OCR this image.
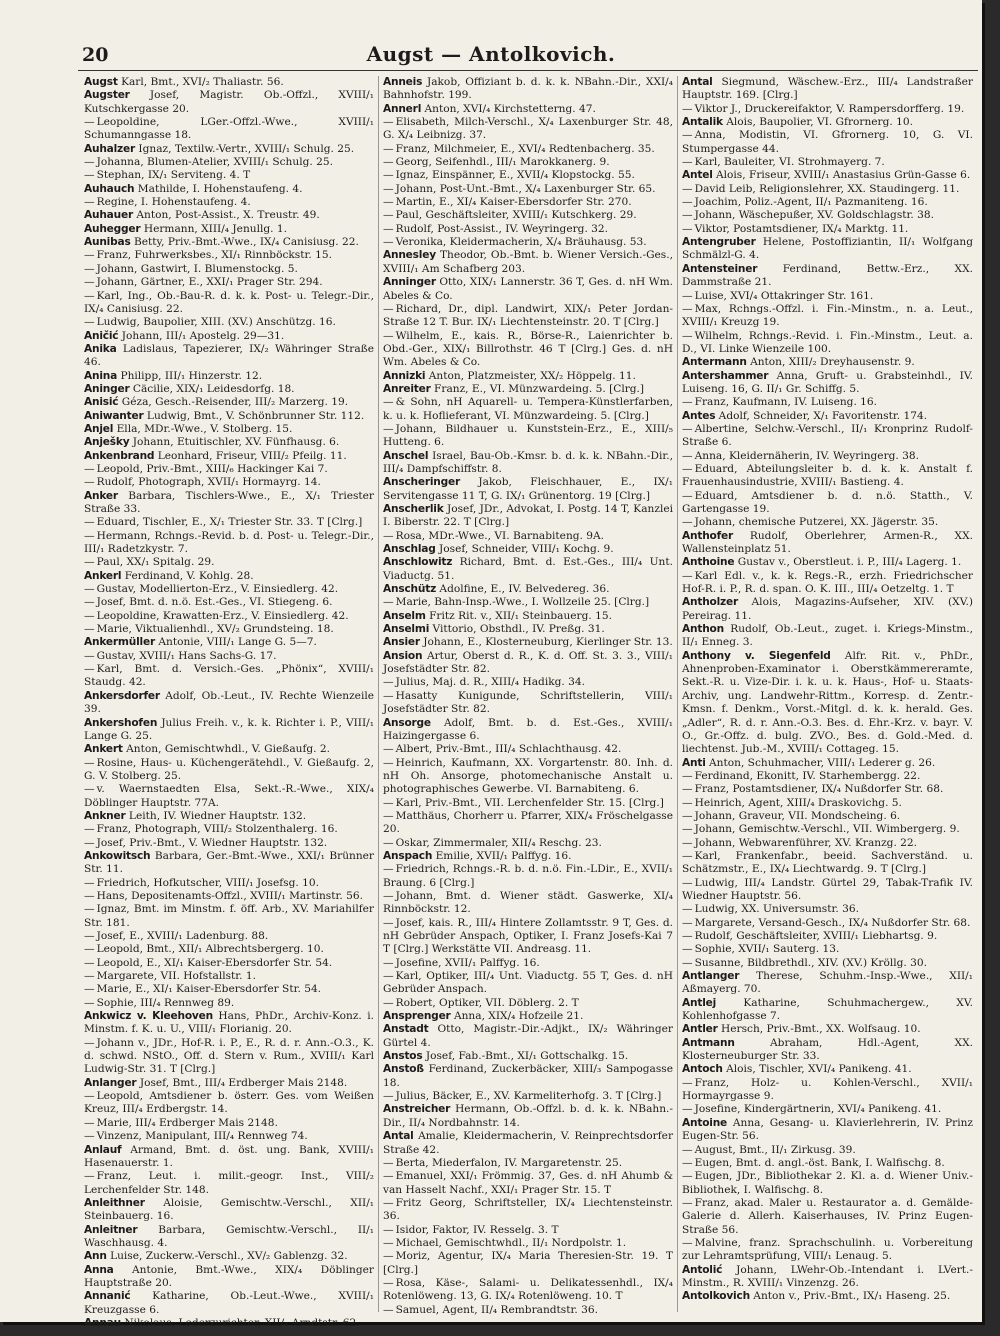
20	Augst — Antolkovich.

Augst Karl, Bmt., XVI/₂ Thaliastr. 56.

Augster Josef, Magistr. Ob.-Offzl., XVIII/₁ Kutschkergasse 20.

— Leopoldine, LGer.-Offzl.-Wwe., XVIII/₁ Schumanngasse 18.

Auhalzer Ignaz, Textilw.-Vertr., XVIII/₁ Schulg. 25.

— Johanna, Blumen-Atelier, XVIII/₁ Schulg. 25.

— Stephan, IX/₁ Serviteng. 4. T

Auhauch Mathilde, I. Hohenstaufeng. 4.

— Regine, I. Hohenstaufeng. 4.

Auhauer Anton, Post-Assist., X. Treustr. 49.

Auhegger Hermann, XIII/₄ Jenullg. 1.

Aunibas Betty, Priv.-Bmt.-Wwe., IX/₄ Canisiusg. 22.

— Franz, Fuhrwerksbes., XI/₁ Rinnböckstr. 15.

— Johann, Gastwirt, I. Blumenstockg. 5.

— Johann, Gärtner, E., XXI/₁ Prager Str. 294.

— Karl, Ing., Ob.-Bau-R. d. k. k. Post- u. Telegr.-Dir., IX/₄ Canisiusg. 22.

— Ludwig, Baupolier, XIII. (XV.) Anschützg. 16.

Aničić Johann, III/₁ Apostelg. 29—31.

Anika Ladislaus, Tapezierer, IX/₂ Währinger Straße 46.

Anina Philipp, III/₁ Hinzerstr. 12.

Aninger Cäcilie, XIX/₁ Leidesdorfg. 18.

Anisić Géza, Gesch.-Reisender, III/₂ Marzerg. 19.

Aniwanter Ludwig, Bmt., V. Schönbrunner Str. 112.

Anjel Ella, MDr.-Wwe., V. Stolberg. 15.

Anješky Johann, Etuitischler, XV. Fünfhausg. 6.

Ankenbrand Leonhard, Friseur, VIII/₂ Pfeilg. 11.

— Leopold, Priv.-Bmt., XIII/₆ Hackinger Kai 7.

— Rudolf, Photograph, XVII/₁ Hormayrg. 14.

Anker Barbara, Tischlers-Wwe., E., X/₁ Triester Straße 33.

— Eduard, Tischler, E., X/₁ Triester Str. 33. T [Clrg.]

— Hermann, Rchngs.-Revid. b. d. Post- u. Telegr.-Dir., III/₁ Radetzkystr. 7.

— Paul, XX/₁ Spitalg. 29.

Ankerl Ferdinand, V. Kohlg. 28.

— Gustav, Modellierton-Erz., V. Einsiedlerg. 42.

— Josef, Bmt. d. n.ö. Est.-Ges., VI. Stiegeng. 6.

— Leopoldine, Krawatten-Erz., V. Einsiedlerg. 42.

— Marie, Viktualienhdl., XV/₂ Grundsteing. 18.

Ankermüller Antonie, VIII/₁ Lange G. 5—7.

— Gustav, XVIII/₁ Hans Sachs-G. 17.

— Karl, Bmt. d. Versich.-Ges. „Phönix“, XVIII/₁ Staudg. 42.

Ankersdorfer Adolf, Ob.-Leut., IV. Rechte Wienzeile 39.

Ankershofen Julius Freih. v., k. k. Richter i. P., VIII/₁ Lange G. 25.

Ankert Anton, Gemischtwhdl., V. Gießaufg. 2.

— Rosine, Haus- u. Küchengerätehdl., V. Gießaufg. 2, G. V. Stolberg. 25.

— v. Waernstaedten Elsa, Sekt.-R.-Wwe., XIX/₄ Döblinger Hauptstr. 77A.

Ankner Leith, IV. Wiedner Hauptstr. 132.

— Franz, Photograph, VIII/₂ Stolzenthalerg. 16.

— Josef, Priv.-Bmt., V. Wiedner Hauptstr. 132.

Ankowitsch Barbara, Ger.-Bmt.-Wwe., XXI/₁ Brünner Str. 11.

— Friedrich, Hofkutscher, VIII/₁ Josefsg. 10.

— Hans, Depositenamts-Offzl., XVIII/₁ Martinstr. 56.

— Ignaz, Bmt. im Minstm. f. öff. Arb., XV. Mariahilfer Str. 181.

— Josef, E., XVIII/₁ Ladenburg. 88.

— Leopold, Bmt., XII/₁ Albrechtsbergerg. 10.

— Leopold, E., XI/₁ Kaiser-Ebersdorfer Str. 54.

— Margarete, VII. Hofstallstr. 1.

— Marie, E., XI/₁ Kaiser-Ebersdorfer Str. 54.

— Sophie, III/₄ Rennweg 89.

Ankwicz v. Kleehoven Hans, PhDr., Archiv-Konz. i. Minstm. f. K. u. U., VIII/₁ Florianig. 20.

— Johann v., JDr., Hof-R. i. P., E., R. d. r. Ann.-O.3., K. d. schwd. NStO., Off. d. Stern v. Rum., XVIII/₁ Karl Ludwig-Str. 31. T [Clrg.]

Anlanger Josef, Bmt., III/₄ Erdberger Mais 2148.

— Leopold, Amtsdiener b. österr. Ges. vom Weißen Kreuz, III/₄ Erdbergstr. 14.

— Marie, III/₄ Erdberger Mais 2148.

— Vinzenz, Manipulant, III/₄ Rennweg 74.

Anlauf Armand, Bmt. d. öst. ung. Bank, XVIII/₁ Hasenauerstr. 1.

— Franz, Leut. i. milit.-geogr. Inst., VIII/₂ Lerchenfelder Str. 148.

Anleithner Aloisie, Gemischtw.-Verschl., XII/₁ Steinbauerg. 16.

Anleitner Barbara, Gemischtw.-Verschl., II/₁ Waschhausg. 4.

Ann Luise, Zuckerw.-Verschl., XV/₂ Gablenzg. 32.

Anna Antonie, Bmt.-Wwe., XIX/₄ Döblinger Hauptstraße 20.

Annanić Katharine, Ob.-Leut.-Wwe., XVIII/₁ Kreuzgasse 6.

Annau Nikolaus, Lederzurichter, XII/₄ Arndtstr. 62.

Anneis Jakob, Offiziant b. d. k. k. NBahn.-Dir., XXI/₄ Bahnhofstr. 199.

Annerl Anton, XVI/₄ Kirchstetterng. 47.

— Elisabeth, Milch-Verschl., X/₄ Laxenburger Str. 48, G. X/₄ Leibnizg. 37.

— Franz, Milchmeier, E., XVI/₄ Redtenbacherg. 35.

— Georg, Seifenhdl., III/₁ Marokkanerg. 9.

— Ignaz, Einspänner, E., XVII/₄ Klopstockg. 55.

— Johann, Post-Unt.-Bmt., X/₄ Laxenburger Str. 65.

— Martin, E., XI/₄ Kaiser-Ebersdorfer Str. 270.

— Paul, Geschäftsleiter, XVIII/₁ Kutschkerg. 29.

— Rudolf, Post-Assist., IV. Weyringerg. 32.

— Veronika, Kleidermacherin, X/₄ Bräuhausg. 53.

Annesley Theodor, Ob.-Bmt. b. Wiener Versich.-Ges., XVIII/₁ Am Schafberg 203.

Anninger Otto, XIX/₁ Lannerstr. 36 T, Ges. d. nH Wm. Abeles & Co.

— Richard, Dr., dipl. Landwirt, XIX/₁ Peter Jordan-Straße 12 T. Bur. IX/₁ Liechtensteinstr. 20. T [Clrg.]

— Wilhelm, E., kais. R., Börse-R., Laienrichter b. Obd.-Ger., XIX/₁ Billrothstr. 46 T [Clrg.] Ges. d. nH Wm. Abeles & Co.

Annizki Anton, Platzmeister, XX/₂ Höppelg. 11.

Anreiter Franz, E., VI. Münzwardeing. 5. [Clrg.]

— & Sohn, nH Aquarell- u. Tempera-Künstlerfarben, k. u. k. Hoflieferant, VI. Münzwardeing. 5. [Clrg.]

— Johann, Bildhauer u. Kunststein-Erz., E., XIII/₅ Hutteng. 6.

Anschel Israel, Bau-Ob.-Kmsr. b. d. k. k. NBahn.-Dir., III/₄ Dampfschiffstr. 8.

Anscheringer Jakob, Fleischhauer, E., IX/₁ Servitengasse 11 T, G. IX/₁ Grünentorg. 19 [Clrg.]

Anscherlik Josef, JDr., Advokat, I. Postg. 14 T, Kanzlei I. Biberstr. 22. T [Clrg.]

— Rosa, MDr.-Wwe., VI. Barnabiteng. 9A.

Anschlag Josef, Schneider, VIII/₁ Kochg. 9.

Anschlowitz Richard, Bmt. d. Est.-Ges., III/₄ Unt. Viaductg. 51.

Anschütz Adolfine, E., IV. Belvedereg. 36.

— Marie, Bahn-Insp.-Wwe., I. Wollzeile 25. [Clrg.]

Anselm Fritz Rit. v., XII/₁ Steinbauerg. 15.

Anselmi Vittorio, Obsthdl., IV. Preßg. 31.

Ansier Johann, E., Klosterneuburg, Kierlinger Str. 13.

Ansion Artur, Oberst d. R., K. d. Off. St. 3. 3., VIII/₁ Josefstädter Str. 82.

— Julius, Maj. d. R., XIII/₄ Hadikg. 34.

— Hasatty Kunigunde, Schriftstellerin, VIII/₁ Josefstädter Str. 82.

Ansorge Adolf, Bmt. b. d. Est.-Ges., XVIII/₁ Haizingergasse 6.

— Albert, Priv.-Bmt., III/₄ Schlachthausg. 42.

— Heinrich, Kaufmann, XX. Vorgartenstr. 80. Inh. d. nH Oh. Ansorge, photomechanische Anstalt u. photographisches Gewerbe. VI. Barnabiteng. 6.

— Karl, Priv.-Bmt., VII. Lerchenfelder Str. 15. [Clrg.]

— Matthäus, Chorherr u. Pfarrer, XIX/₄ Fröschelgasse 20.

— Oskar, Zimmermaler, XII/₄ Reschg. 23.

Anspach Emilie, XVII/₁ Palffyg. 16.

— Friedrich, Rchngs.-R. b. d. n.ö. Fin.-LDir., E., XVII/₁ Braung. 6 [Clrg.]

— Johann, Bmt. d. Wiener städt. Gaswerke, XI/₄ Rinnböckstr. 12.

— Josef, kais. R., III/₄ Hintere Zollamtsstr. 9 T, Ges. d. nH Gebrüder Anspach, Optiker, I. Franz Josefs-Kai 7 T [Clrg.] Werkstätte VII. Andreasg. 11.

— Josefine, XVII/₁ Palffyg. 16.

— Karl, Optiker, III/₄ Unt. Viaductg. 55 T, Ges. d. nH Gebrüder Anspach.

— Robert, Optiker, VII. Döblerg. 2. T

Ansprenger Anna, XIX/₄ Hofzeile 21.

Anstadt Otto, Magistr.-Dir.-Adjkt., IX/₂ Währinger Gürtel 4.

Anstos Josef, Fab.-Bmt., XI/₁ Gottschalkg. 15.

Anstoß Ferdinand, Zuckerbäcker, XIII/₃ Sampogasse 18.

— Julius, Bäcker, E., XV. Karmeliterhofg. 3. T [Clrg.]

Anstreicher Hermann, Ob.-Offzl. b. d. k. k. NBahn.-Dir., II/₄ Nordbahnstr. 14.

Antal Amalie, Kleidermacherin, V. Reinprechtsdorfer Straße 42.

— Berta, Miederfalon, IV. Margaretenstr. 25.

— Emanuel, XXI/₁ Frömmig. 37, Ges. d. nH Ahumb & van Hasselt Nachf., XXI/₁ Prager Str. 15. T

— Fritz Georg, Schriftsteller, IX/₄ Liechtensteinstr. 36.

— Isidor, Faktor, IV. Resselg. 3. T

— Michael, Gemischtwhdl., II/₁ Nordpolstr. 1.

— Moriz, Agentur, IX/₄ Maria Theresien-Str. 19. T [Clrg.]

— Rosa, Käse-, Salami- u. Delikatessenhdl., IX/₄ Rotenlöweng. 13, G. IX/₄ Rotenlöweng. 10. T

— Samuel, Agent, II/₄ Rembrandtstr. 36.

Antal Siegmund, Wäschew.-Erz., III/₄ Landstraßer Hauptstr. 169. [Clrg.]

— Viktor J., Druckereifaktor, V. Rampersdorfferg. 19.

Antalik Alois, Baupolier, VI. Gfrornerg. 10.

— Anna, Modistin, VI. Gfrornerg. 10, G. VI. Stumpergasse 44.

— Karl, Bauleiter, VI. Strohmayerg. 7.

Antel Alois, Friseur, XVIII/₁ Anastasius Grün-Gasse 6.

— David Leib, Religionslehrer, XX. Staudingerg. 11.

— Joachim, Poliz.-Agent, II/₁ Pazmaniteng. 16.

— Johann, Wäschepußer, XV. Goldschlagstr. 38.

— Viktor, Postamtsdiener, IX/₄ Marktg. 11.

Antengruber Helene, Postoffiziantin, II/₁ Wolfgang Schmälzl-G. 4.

Antensteiner Ferdinand, Bettw.-Erz., XX. Dammstraße 21.

— Luise, XVI/₄ Ottakringer Str. 161.

— Max, Rchngs.-Offzl. i. Fin.-Minstm., n. a. Leut., XVIII/₁ Kreuzg 19.

— Wilhelm, Rchngs.-Revid. i. Fin.-Minstm., Leut. a. D., VI. Linke Wienzeile 100.

Antermann Anton, XIII/₂ Dreyhausenstr. 9.

Antershammer Anna, Gruft- u. Grabsteinhdl., IV. Luiseng. 16, G. II/₁ Gr. Schiffg. 5.

— Franz, Kaufmann, IV. Luiseng. 16.

Antes Adolf, Schneider, X/₁ Favoritenstr. 174.

— Albertine, Selchw.-Verschl., II/₁ Kronprinz Rudolf-Straße 6.

— Anna, Kleidernäherin, IV. Weyringerg. 38.

— Eduard, Abteilungsleiter b. d. k. k. Anstalt f. Frauenhausindustrie, XVIII/₁ Bastieng. 4.

— Eduard, Amtsdiener b. d. n.ö. Statth., V. Gartengasse 19.

— Johann, chemische Putzerei, XX. Jägerstr. 35.

Anthofer Rudolf, Oberlehrer, Armen-R., XX. Wallensteinplatz 51.

Anthoine Gustav v., Oberstleut. i. P., III/₄ Lagerg. 1.

— Karl Edl. v., k. k. Regs.-R., erzh. Friedrichscher Hof-R. i. P., R. d. span. O. K. III., III/₄ Oetzeltg. 1. T

Antholzer Alois, Magazins-Aufseher, XIV. (XV.) Pereirag. 11.

Anthon Rudolf, Ob.-Leut., zuget. i. Kriegs-Minstm., II/₁ Enneg. 3.

Anthony v. Siegenfeld Alfr. Rit. v., PhDr., Ahnenproben-Examinator i. Oberstkämmereramte, Sekt.-R. u. Vize-Dir. i. k. u. k. Haus-, Hof- u. Staats-Archiv, ung. Landwehr-Rittm., Korresp. d. Zentr.-Kmsn. f. Denkm., Vorst.-Mitgl. d. k. k. herald. Ges. „Adler“, R. d. r. Ann.-O.3. Bes. d. Ehr.-Krz. v. bayr. V. O., Gr.-Offz. d. bulg. ZVO., Bes. d. Gold.-Med. d. liechtenst. Jub.-M., XVIII/₁ Cottageg. 15.

Anti Anton, Schuhmacher, VIII/₁ Lederer g. 26.

— Ferdinand, Ekonitt, IV. Starhembergg. 22.

— Franz, Postamtsdiener, IX/₄ Nußdorfer Str. 68.

— Heinrich, Agent, XIII/₄ Draskovichg. 5.

— Johann, Graveur, VII. Mondscheing. 6.

— Johann, Gemischtw.-Verschl., VII. Wimbergerg. 9.

— Johann, Webwarenführer, XV. Kranzg. 22.

— Karl, Frankenfabr., beeid. Sachverständ. u. Schätzmstr., E., IX/₄ Liechtwardg. 9. T [Clrg.]

— Ludwig, III/₄ Landstr. Gürtel 29, Tabak-Trafik IV. Wiedner Hauptstr. 56.

— Ludwig, XX. Universumstr. 36.

— Margarete, Versand-Gesch., IX/₄ Nußdorfer Str. 68.

— Rudolf, Geschäftsleiter, XVIII/₁ Liebhartsg. 9.

— Sophie, XVII/₁ Sauterg. 13.

— Susanne, Bildbrethdl., XIV. (XV.) Kröllg. 30.

Antlanger Therese, Schuhm.-Insp.-Wwe., XII/₁ Aßmayerg. 70.

Antlej	Katharine, Schuhmachergew., XV. Kohlenhofgasse 7.

Antler Hersch, Priv.-Bmt., XX. Wolfsaug. 10.

Antmann	Abraham, Hdl.-Agent, XX. Klosterneuburger Str. 33.

Antoch Alois, Tischler, XVI/₄ Panikeng. 41.

— Franz, Holz- u. Kohlen-Verschl., XVII/₁ Hormayrgasse 9.

— Josefine, Kindergärtnerin, XVI/₄ Panikeng. 41.

Antoine Anna, Gesang- u. Klavierlehrerin, IV. Prinz Eugen-Str. 56.

— August, Bmt., II/₁ Zirkusg. 39.

— Eugen, Bmt. d. angl.-öst. Bank, I. Walfischg. 8.

— Eugen, JDr., Bibliothekar 2. Kl. a. d. Wiener Univ.-Bibliothek, I. Walfischg. 8.

— Franz, akad. Maler u. Restaurator a. d. Gemälde-Galerie d. Allerh. Kaiserhauses, IV. Prinz Eugen-Straße 56.

— Malvine, franz. Sprachschulinh. u. Vorbereitung zur Lehramtsprüfung, VIII/₁ Lenaug. 5.

Antolić Johann, LWehr-Ob.-Intendant i. LVert.-Minstm., R. XVIII/₁ Vinzenzg. 26.

Antolkovich Anton v., Priv.-Bmt., IX/₁ Haseng. 25.
